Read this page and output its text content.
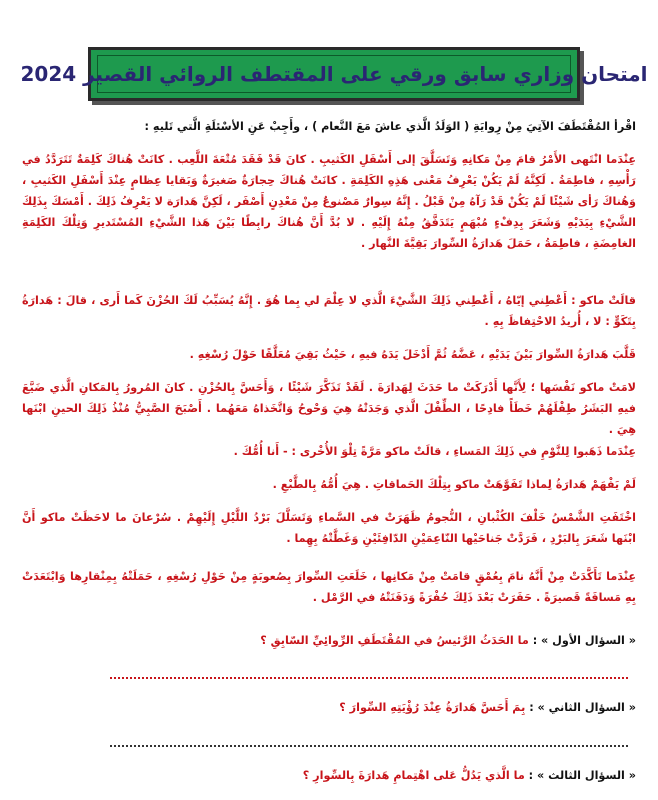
امتحان وزاري سابق ورقي على المقتطف الروائي القصير 2024
اقْرأ المُقْتَطَفَ الآتِيَ مِنْ رِوايَةِ ( الوَلَدُ الَّذي عاشَ مَعَ النَّعام ) ، وأَجِبْ عَنِ الأسْئلَةِ الَّتي تَليهِ :
عِنْدَما انْتَهى الأَمْرُ قامَ مِنْ مَكانِهِ وَتَسَلَّقَ إلى أَسْفَلِ الكَثيبِ . كانَ قَدْ فَقَدَ مُتْعَةَ اللَّعِب . كانَتْ هُناكَ كَلِمَةٌ تَتَرَدَّدُ في رَأْسِهِ ، فاطِمَةُ . لَكِنَّهُ لَمْ يَكُنْ يَعْرِفُ مَعْنى هَذِهِ الكَلِمَةِ . كانَتْ هُناكَ حِجارَةٌ صَغيرَةٌ وَبَقايا عِظامٍ عِنْدَ أَسْفَلِ الكَثيبِ ، وَهُناكَ رَأى شَيْئًا لَمْ يَكُنْ قَدْ رَآهُ مِنْ قَبْلُ . إِنَّهُ سِوارٌ مَصْنوعٌ مِنْ مَعْدِنٍ أَصْفَر ، لَكِنَّ هَدارَة لا يَعْرِفُ ذَلِكَ . أَمْسَكَ بِذَلِكَ الشَّيْءِ بِيَدَيْهِ وَشَعَرَ بِدِفْءٍ مُبْهَمٍ يَتَدَفَّقُ مِنْهُ إِلَيْهِ . لا بُدَّ أَنَّ هُناكَ رابِطًا بَيْنَ هَذا الشَّيْءِ المُسْتَديرِ وَتِلْكَ الكَلِمَةِ الغامِضَةِ ، فاطِمَةُ ، حَمَلَ هَدارَةُ السِّوارَ بَقِيَّةَ النَّهار .
قالَتْ ماكو : أَعْطِني إيّاهُ ، أَعْطِني ذَلِكَ الشَّيْءَ الَّذي لا عِلْمَ لي بِما هُوَ . إِنَّهُ يُسَبِّبُ لَكَ الحُزْنَ كَما أَرى ، قالَ : هَدارَةُ بِتَكَوٍّ : لا ، أُريدُ الاحْتِفاظَ بِهِ .
قَلَّبَ هَدارَةُ السِّوارَ بَيْنَ يَدَيْهِ ، عَضَّهُ ثُمَّ أَدْخَلَ يَدَهُ فيهِ ، حَيْثُ بَقِيَ مُعَلَّقًا حَوْلَ رُسْغِهِ .
لامَتْ ماكو نَفْسَها ؛ لِأَنَّها أَدْرَكَتْ ما حَدَثَ لِهَدارَةَ . لَقَدْ تَذَكَّرَ شَيْئًا ، وَأَحَسَّ بِالحُزْنِ . كانَ المُرورُ بِالمَكانِ الَّذي ضَيَّعَ فيهِ البَشَرُ طِفْلَهُمْ خَطَأً فادِحًا ، الطِّفْلَ الَّذي وَجَدَتْهُ هِيَ وَحْوحُ وَاتَّخَذاهُ مَعَهُما . أَصْبَحَ الصَّبِيُّ مُنْذُ ذَلِكَ الحينِ ابْنَها هِيَ .
عِنْدَما ذَهَبوا لِلنَّوْمِ في ذَلِكَ المَساءِ ، قالَتْ ماكو مَرَّةً تِلْوَ الأُخْرى : - أَنا أُمُّكَ .
لَمْ يَفْهَمْ هَدارَةُ لِماذا تَفَوَّهَتْ ماكو بِتِلْكَ الحَماقاتِ . هِيَ أُمُّهُ بِالطَّبْعِ .
اخْتَفَتِ الشَّمْسُ خَلْفَ الكُثْبانِ ، النُّجومُ ظَهَرَتْ في السَّماءِ وَتَسَلَّلَ بَرْدُ اللَّيْلِ إِلَيْهِمْ . سُرْعانَ ما لاحَظَتْ ماكو أَنَّ ابْنَها شَعَرَ بِالبَرْدِ ، فَرَدَّتْ جَناحَيْها النّاعِمَيْنِ الدّافِئَيْنِ وَغَطَّتْهُ بِهِما .
عِنْدَما تَأَكَّدَتْ مِنْ أَنَّهُ نامَ بِعُمْقٍ قامَتْ مِنْ مَكانِها ، خَلَعَتِ السِّوارَ بِصُعوبَةٍ مِنْ حَوْلِ رُسْغِهِ ، حَمَلَتْهُ بِمِنْقارِها وَابْتَعَدَتْ بِهِ مَسافَةً قَصيرَةً . حَفَرَتْ بَعْدَ ذَلِكَ حُفْرَةً وَدَفَنَتْهُ في الرَّمْل .
« السؤال الأول » : ما الحَدَثُ الرَّئيسُ في المُقْتَطَفِ الرِّوائِيِّ السّابِقِ ؟
« السؤال الثاني » : بِمَ أَحَسَّ هَدارَةُ عِنْدَ رُؤْيَتِهِ السِّوارَ ؟
« السؤال الثالث » : ما الَّذي يَدُلُّ عَلى اهْتِمامِ هَدارَةَ بِالسِّوارِ ؟
